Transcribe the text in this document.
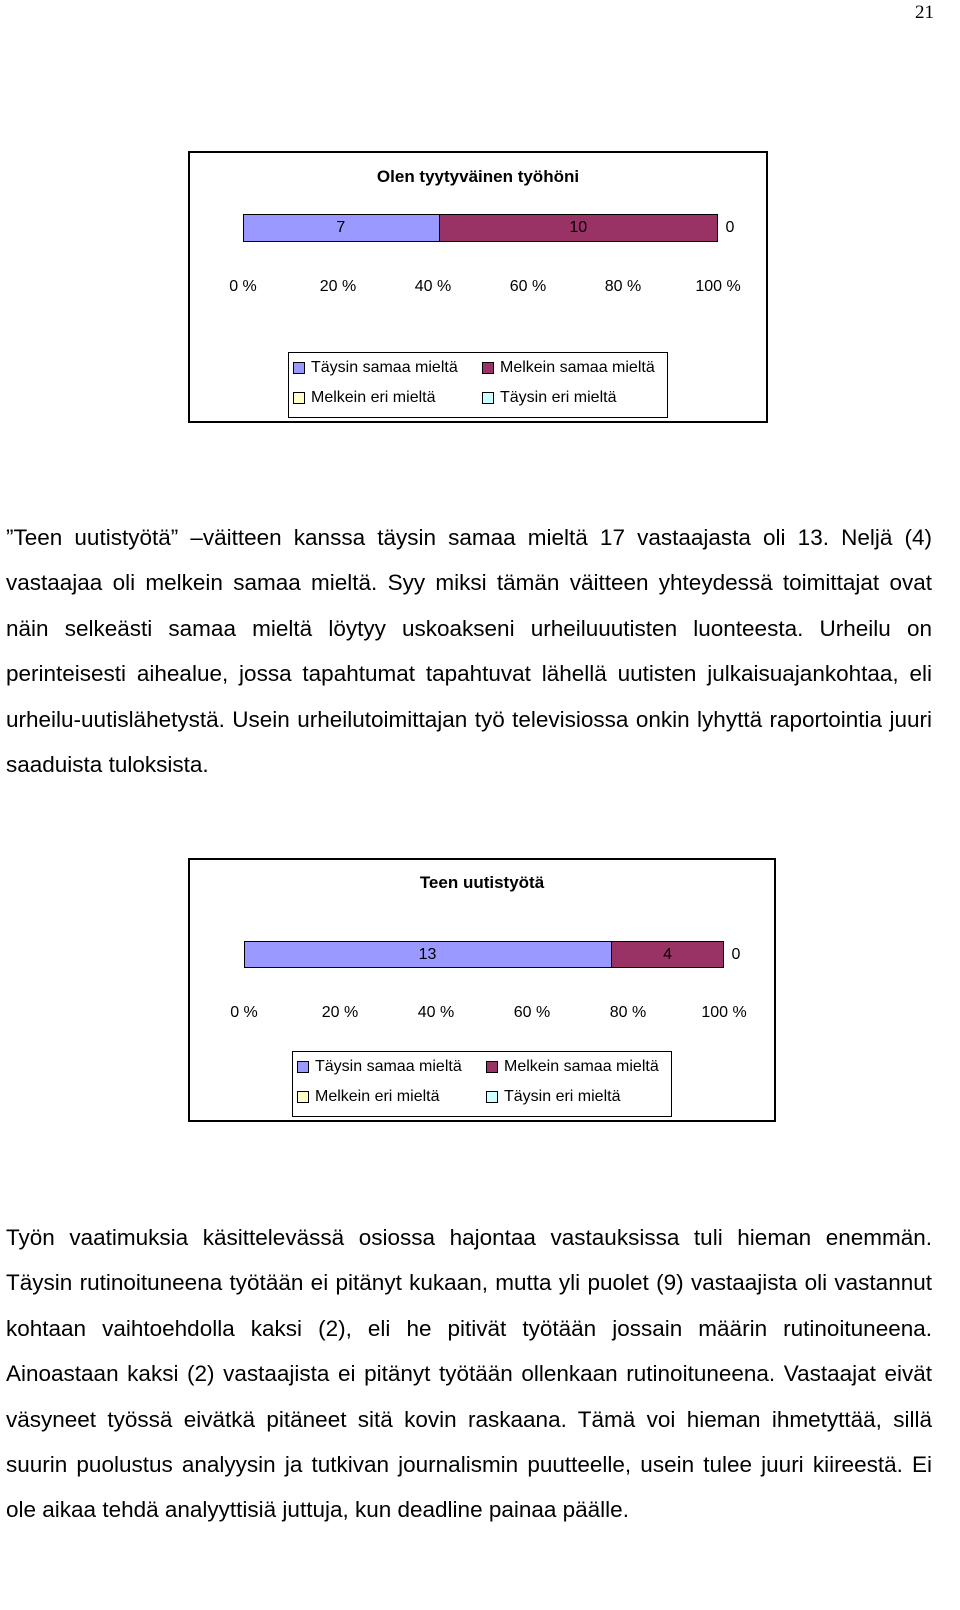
21
Olen tyytyväinen työhöni
7	10	0
0 %	20 %	40 %	60 %	80 %	100 %
Täysin samaa mieltä	Melkein samaa mieltä
Melkein eri mieltä	Täysin eri mieltä
”Teen uutistyötä” –väitteen kanssa täysin samaa mieltä 17 vastaajasta oli 13. Neljä (4) vastaajaa oli melkein samaa mieltä. Syy miksi tämän väitteen yhteydessä toimittajat ovat näin selkeästi samaa mieltä löytyy uskoakseni urheiluuutisten luonteesta. Urheilu on perinteisesti aihealue, jossa tapahtumat tapahtuvat lähellä uutisten julkaisuajankohtaa, eli urheilu-uutislähetystä. Usein urheilutoimittajan työ televisiossa onkin lyhyttä raportointia juuri saaduista tuloksista.
Teen uutistyötä
13	4	0
0 %	20 %	40 %	60 %	80 %	100 %
Täysin samaa mieltä	Melkein samaa mieltä
Melkein eri mieltä	Täysin eri mieltä
Työn vaatimuksia käsittelevässä osiossa hajontaa vastauksissa tuli hieman enemmän. Täysin rutinoituneena työtään ei pitänyt kukaan, mutta yli puolet (9) vastaajista oli vastannut kohtaan vaihtoehdolla kaksi (2), eli he pitivät työtään jossain määrin rutinoituneena. Ainoastaan kaksi (2) vastaajista ei pitänyt työtään ollenkaan rutinoituneena. Vastaajat eivät väsyneet työssä eivätkä pitäneet sitä kovin raskaana. Tämä voi hieman ihmetyttää, sillä suurin puolustus analyysin ja tutkivan journalismin puutteelle, usein tulee juuri kiireestä. Ei ole aikaa tehdä analyyttisiä juttuja, kun deadline painaa päälle.
